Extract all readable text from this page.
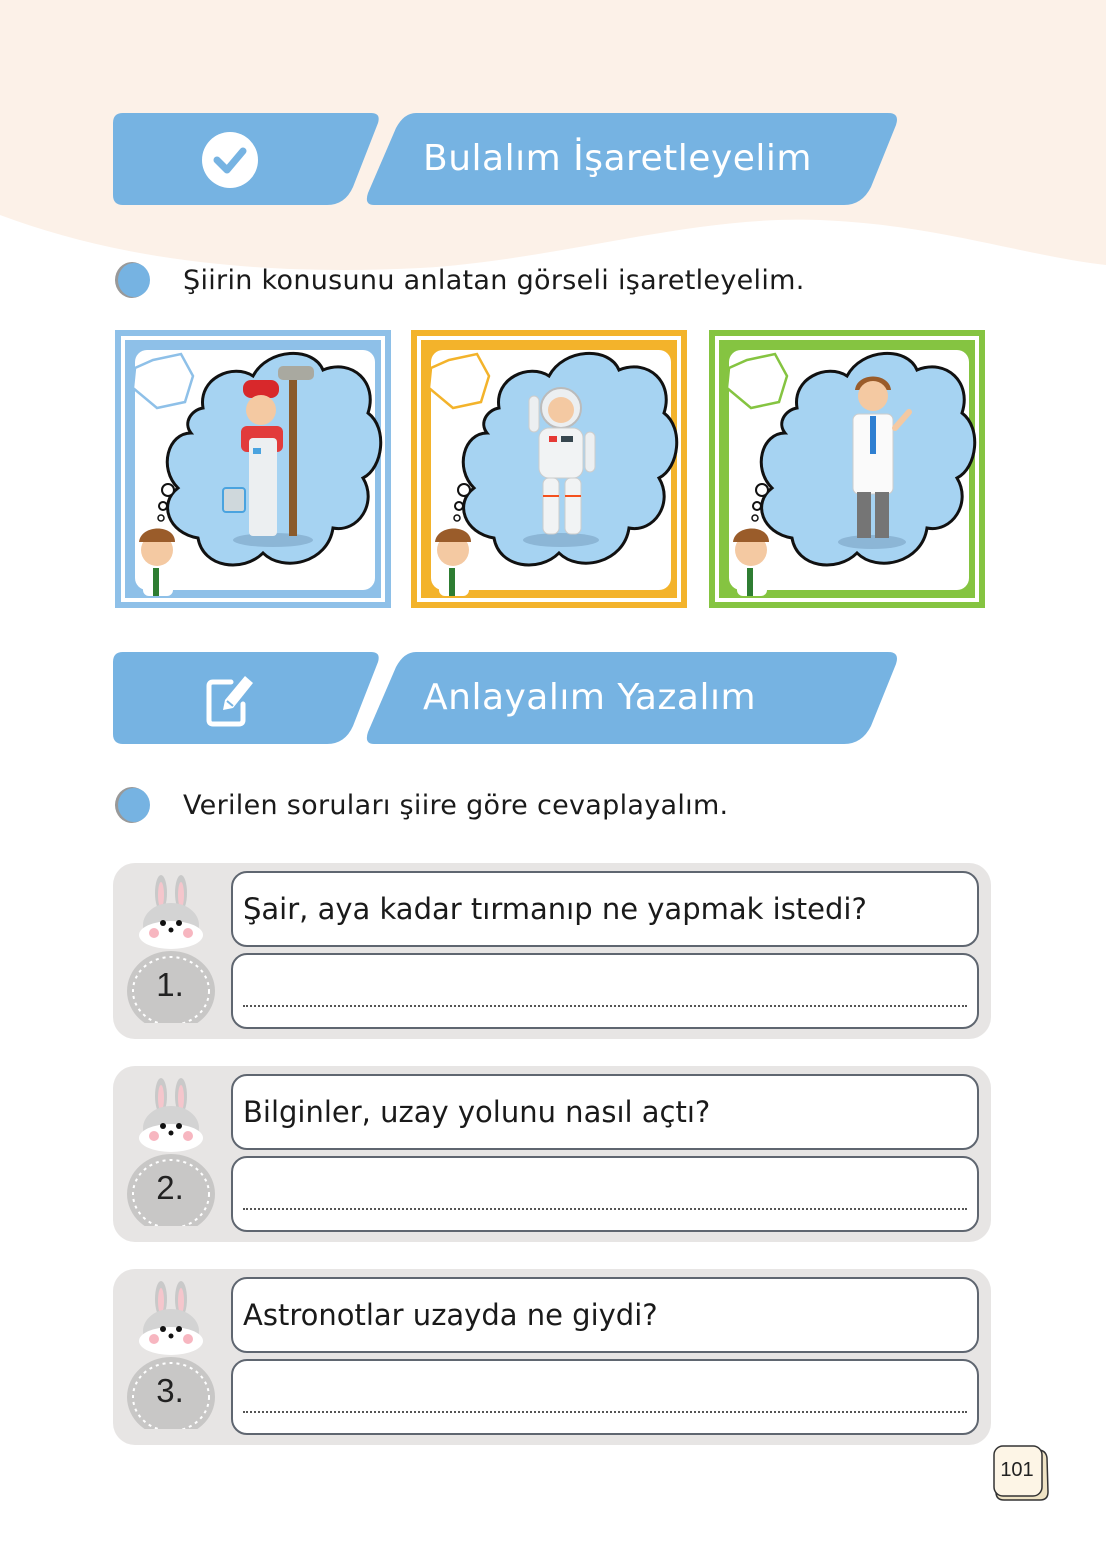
Bulalım İşaretleyelim
Şiirin konusunu anlatan görseli işaretleyelim.
Anlayalım Yazalım
Verilen soruları şiire göre cevaplayalım.
1.
Şair, aya kadar tırmanıp ne yapmak istedi?
2.
Bilginler, uzay yolunu nasıl açtı?
3.
Astronotlar uzayda ne giydi?
101
